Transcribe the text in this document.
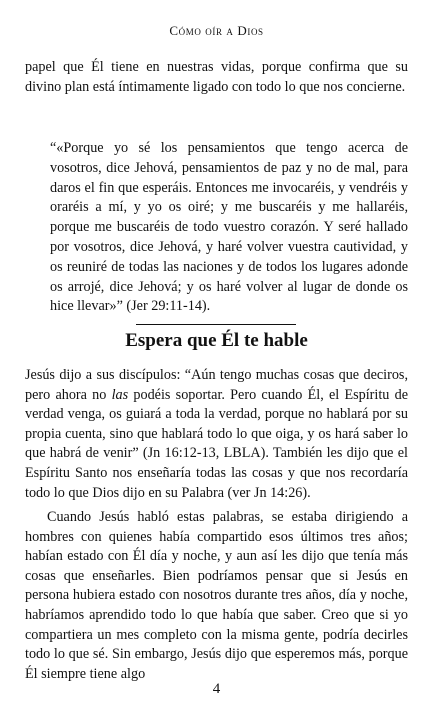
Cómo oír a Dios

papel que Él tiene en nuestras vidas, porque confirma que su divino plan está íntimamente ligado con todo lo que nos concierne.

“«Porque yo sé los pensamientos que tengo acerca de vosotros, dice Jehová, pensamientos de paz y no de mal, para daros el fin que esperáis. Entonces me invocaréis, y vendréis y oraréis a mí, y yo os oiré; y me buscaréis y me hallaréis, porque me buscaréis de todo vuestro corazón. Y seré hallado por vosotros, dice Jehová, y haré volver vuestra cautividad, y os reuniré de todas las naciones y de todos los lugares adonde os arrojé, dice Jehová; y os haré volver al lugar de donde os hice llevar»” (Jer 29:11-14).

Espera que Él te hable

Jesús dijo a sus discípulos: “Aún tengo muchas cosas que deciros, pero ahora no las podéis soportar. Pero cuando Él, el Espíritu de verdad venga, os guiará a toda la verdad, porque no hablará por su propia cuenta, sino que hablará todo lo que oiga, y os hará saber lo que habrá de venir” (Jn 16:12-13, LBLA). También les dijo que el Espíritu Santo nos enseñaría todas las cosas y que nos recordaría todo lo que Dios dijo en su Palabra (ver Jn 14:26).

Cuando Jesús habló estas palabras, se estaba dirigiendo a hombres con quienes había compartido esos últimos tres años; habían estado con Él día y noche, y aun así les dijo que tenía más cosas que enseñarles. Bien podríamos pensar que si Jesús en persona hubiera estado con nosotros durante tres años, día y noche, habríamos aprendido todo lo que había que saber. Creo que si yo compartiera un mes completo con la misma gente, podría decirles todo lo que sé. Sin embargo, Jesús dijo que esperemos más, porque Él siempre tiene algo

4
